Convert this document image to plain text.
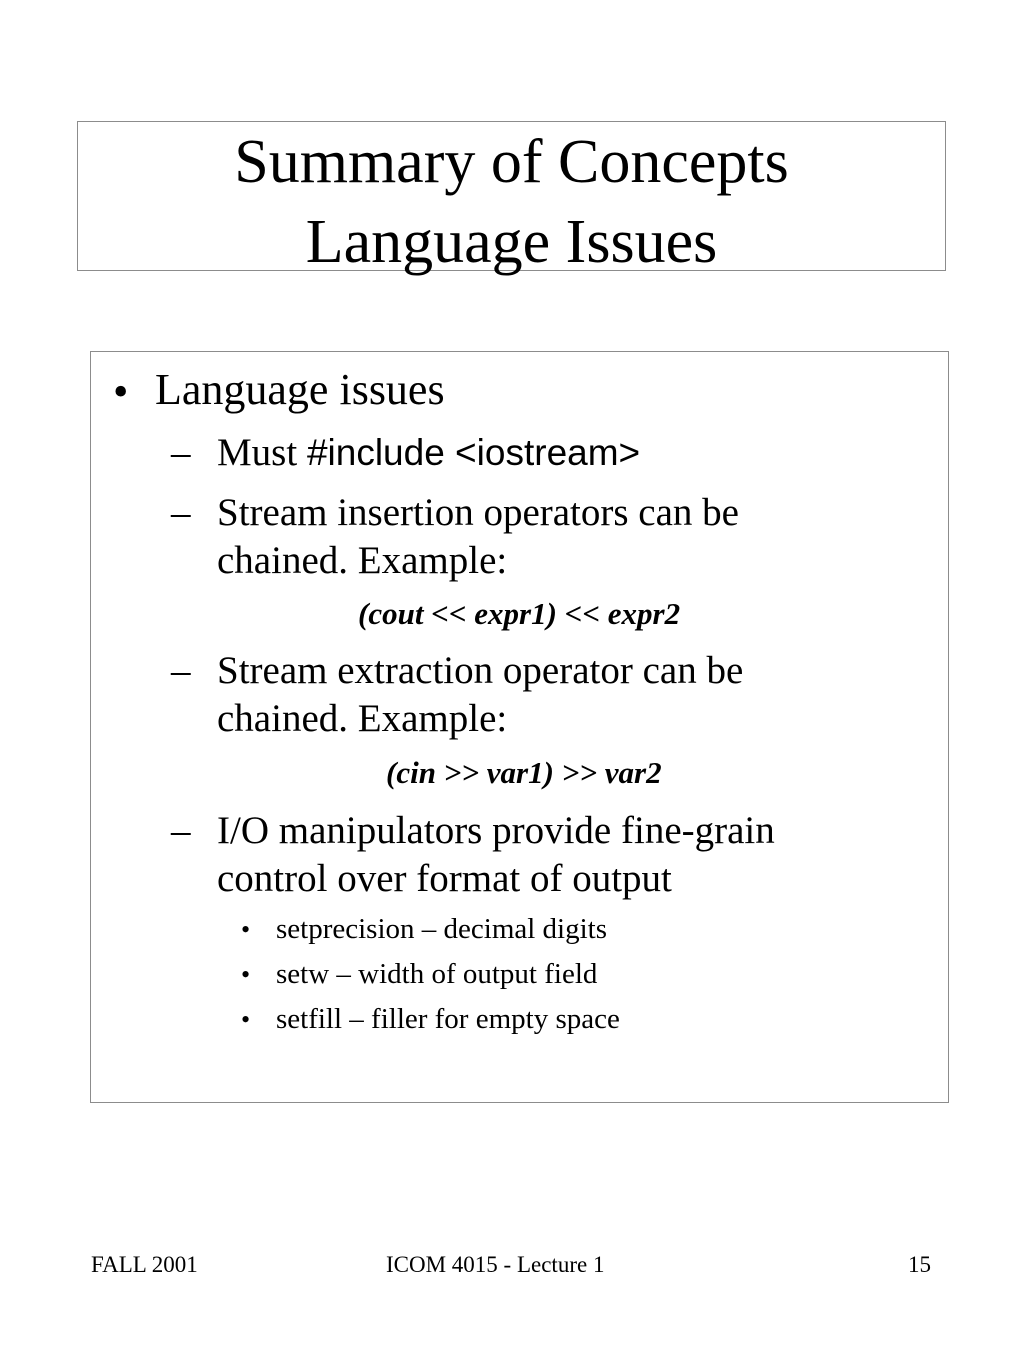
Summary of Concepts
Language Issues
• Language issues
– Must #include <iostream>
– Stream insertion operators can be
chained. Example:
(cout << expr1) << expr2
– Stream extraction operator can be
chained. Example:
(cin >> var1) >> var2
– I/O manipulators provide fine-grain
control over format of output
• setprecision – decimal digits
• setw – width of output field
• setfill – filler for empty space
FALL 2001	ICOM 4015 - Lecture 1	15
